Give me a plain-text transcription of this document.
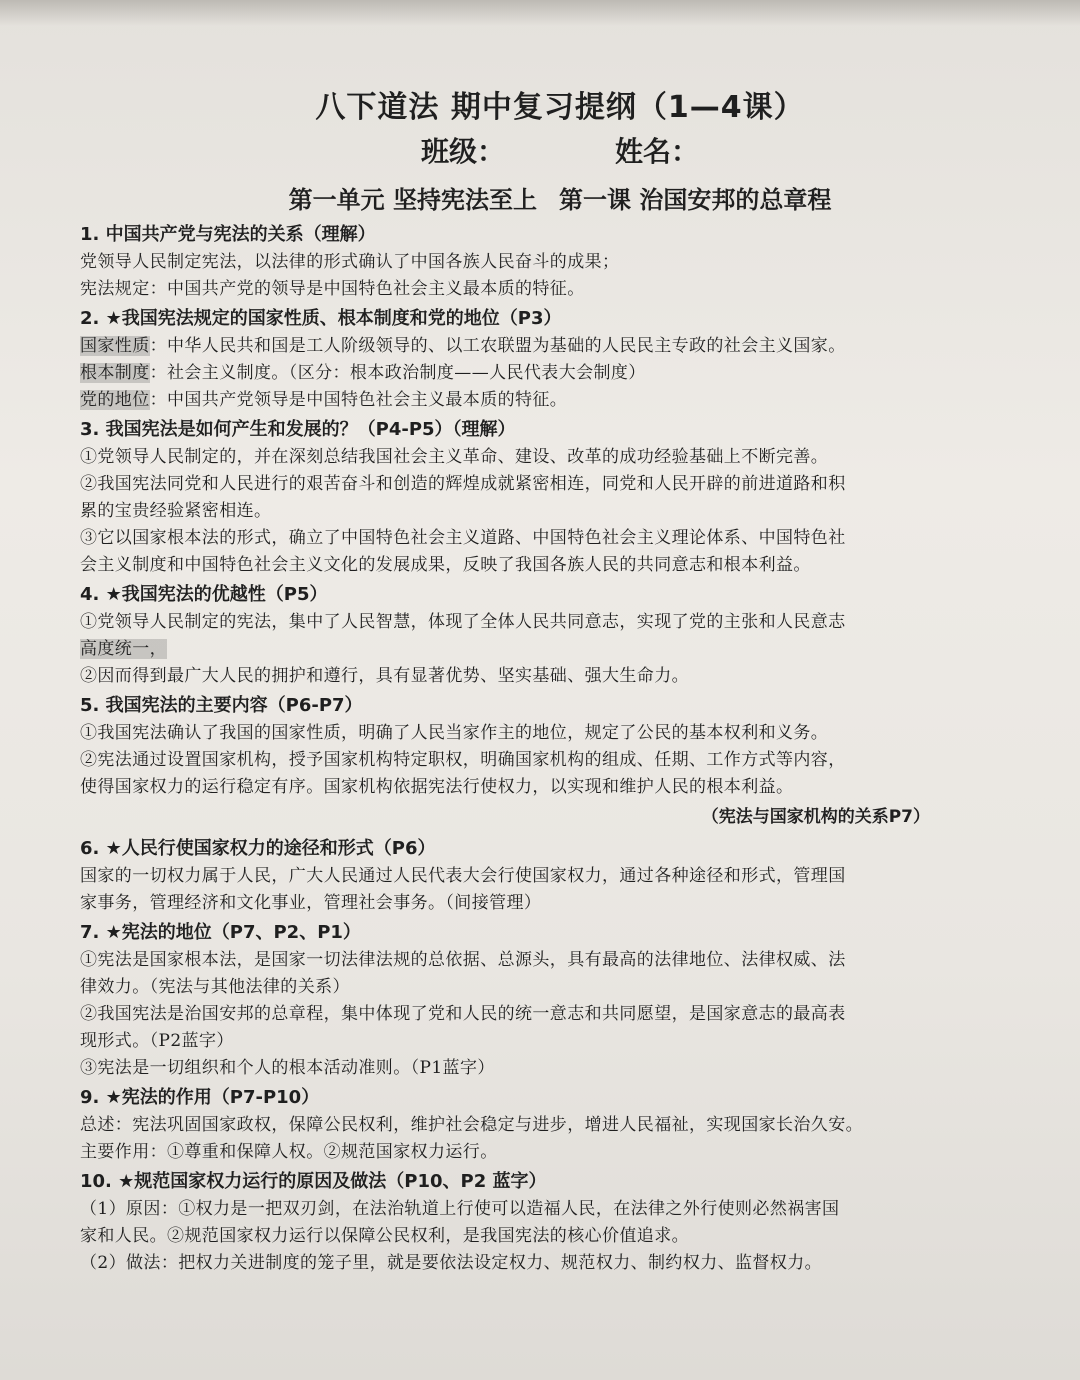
八下道法 期中复习提纲（1—4课）
班级：	姓名：
第一单元 坚持宪法至上 第一课 治国安邦的总章程

1. 中国共产党与宪法的关系（理解）

党领导人民制定宪法，以法律的形式确认了中国各族人民奋斗的成果；

宪法规定：中国共产党的领导是中国特色社会主义最本质的特征。

2. ★我国宪法规定的国家性质、根本制度和党的地位（P3）

国家性质：中华人民共和国是工人阶级领导的、以工农联盟为基础的人民民主专政的社会主义国家。

根本制度：社会主义制度。（区分：根本政治制度——人民代表大会制度）

党的地位：中国共产党领导是中国特色社会主义最本质的特征。

3. 我国宪法是如何产生和发展的？（P4-P5）（理解）

①党领导人民制定的，并在深刻总结我国社会主义革命、建设、改革的成功经验基础上不断完善。

②我国宪法同党和人民进行的艰苦奋斗和创造的辉煌成就紧密相连，同党和人民开辟的前进道路和积

累的宝贵经验紧密相连。

③它以国家根本法的形式，确立了中国特色社会主义道路、中国特色社会主义理论体系、中国特色社

会主义制度和中国特色社会主义文化的发展成果，反映了我国各族人民的共同意志和根本利益。

4. ★我国宪法的优越性（P5）

①党领导人民制定的宪法，集中了人民智慧，体现了全体人民共同意志，实现了党的主张和人民意志

高度统一，

②因而得到最广大人民的拥护和遵行，具有显著优势、坚实基础、强大生命力。

5. 我国宪法的主要内容（P6-P7）

①我国宪法确认了我国的国家性质，明确了人民当家作主的地位，规定了公民的基本权利和义务。

②宪法通过设置国家机构，授予国家机构特定职权，明确国家机构的组成、任期、工作方式等内容，

使得国家权力的运行稳定有序。国家机构依据宪法行使权力，以实现和维护人民的根本利益。

（宪法与国家机构的关系P7）

6. ★人民行使国家权力的途径和形式（P6）

国家的一切权力属于人民，广大人民通过人民代表大会行使国家权力，通过各种途径和形式，管理国

家事务，管理经济和文化事业，管理社会事务。（间接管理）

7. ★宪法的地位（P7、P2、P1）

①宪法是国家根本法，是国家一切法律法规的总依据、总源头，具有最高的法律地位、法律权威、法

律效力。（宪法与其他法律的关系）

②我国宪法是治国安邦的总章程，集中体现了党和人民的统一意志和共同愿望，是国家意志的最高表

现形式。（P2蓝字）

③宪法是一切组织和个人的根本活动准则。（P1蓝字）

9. ★宪法的作用（P7-P10）

总述：宪法巩固国家政权，保障公民权利，维护社会稳定与进步，增进人民福祉，实现国家长治久安。

主要作用：①尊重和保障人权。②规范国家权力运行。

10. ★规范国家权力运行的原因及做法（P10、P2 蓝字）

（1）原因：①权力是一把双刃剑，在法治轨道上行使可以造福人民，在法律之外行使则必然祸害国

家和人民。②规范国家权力运行以保障公民权利，是我国宪法的核心价值追求。

（2）做法：把权力关进制度的笼子里，就是要依法设定权力、规范权力、制约权力、监督权力。
